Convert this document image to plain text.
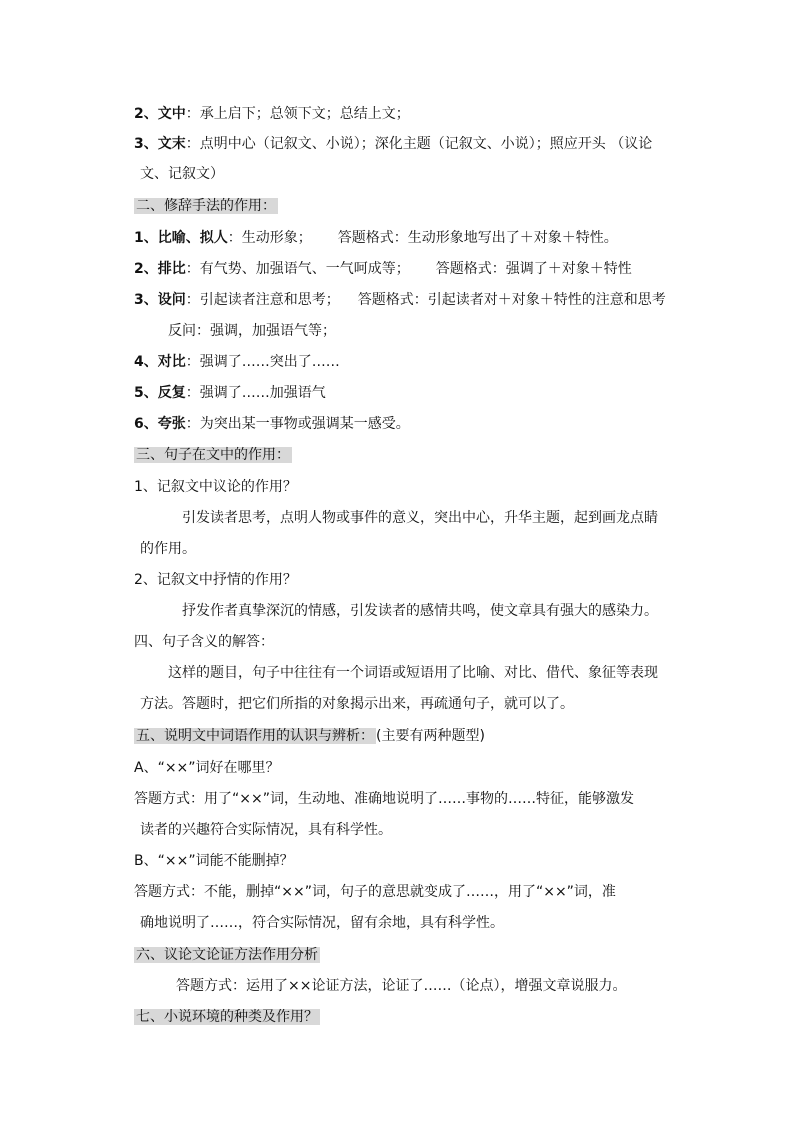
2、文中：承上启下；总领下文；总结上文；
3、文末：点明中心（记叙文、小说）；深化主题（记叙文、小说）；照应开头 （议论
文、记叙文）
二、修辞手法的作用：
1、比喻、拟人：生动形象； 答题格式：生动形象地写出了＋对象＋特性。
2、排比：有气势、加强语气、一气呵成等； 答题格式：强调了＋对象＋特性
3、设问：引起读者注意和思考； 答题格式：引起读者对＋对象＋特性的注意和思考
反问：强调，加强语气等；
4、对比：强调了……突出了……
5、反复：强调了……加强语气
6、夸张：为突出某一事物或强调某一感受。
三、句子在文中的作用：
1、记叙文中议论的作用？
引发读者思考，点明人物或事件的意义，突出中心，升华主题，起到画龙点睛
的作用。
2、记叙文中抒情的作用？
抒发作者真挚深沉的情感，引发读者的感情共鸣，使文章具有强大的感染力。
四、句子含义的解答：
这样的题目，句子中往往有一个词语或短语用了比喻、对比、借代、象征等表现
方法。答题时，把它们所指的对象揭示出来，再疏通句子，就可以了。
五、说明文中词语作用的认识与辨析： (主要有两种题型)
A、“××”词好在哪里？
答题方式：用了“××”词，生动地、准确地说明了……事物的……特征，能够激发
读者的兴趣符合实际情况，具有科学性。
B、“××”词能不能删掉？
答题方式：不能，删掉“××”词，句子的意思就变成了……，用了“××”词，准
确地说明了……，符合实际情况，留有余地，具有科学性。
六、议论文论证方法作用分析
答题方式：运用了××论证方法，论证了……（论点），增强文章说服力。
七、小说环境的种类及作用？
